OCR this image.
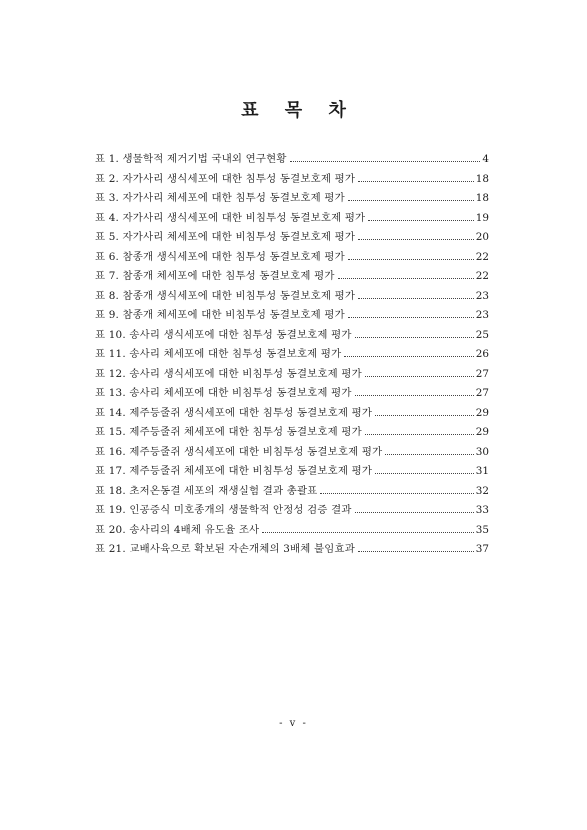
표 목 차
표 1. 생물학적 제거기법 국내외 연구현황	4
표 2. 자가사리 생식세포에 대한 침투성 동결보호제 평가	18
표 3. 자가사리 체세포에 대한 침투성 동결보호제 평가	18
표 4. 자가사리 생식세포에 대한 비침투성 동결보호제 평가	19
표 5. 자가사리 체세포에 대한 비침투성 동결보호제 평가	20
표 6. 참종개 생식세포에 대한 침투성 동결보호제 평가	22
표 7. 참종개 체세포에 대한 침투성 동결보호제 평가	22
표 8. 참종개 생식세포에 대한 비침투성 동결보호제 평가	23
표 9. 참종개 체세포에 대한 비침투성 동결보호제 평가	23
표 10. 송사리 생식세포에 대한 침투성 동결보호제 평가	25
표 11. 송사리 체세포에 대한 침투성 동결보호제 평가	26
표 12. 송사리 생식세포에 대한 비침투성 동결보호제 평가	27
표 13. 송사리 체세포에 대한 비침투성 동결보호제 평가	27
표 14. 제주등줄쥐 생식세포에 대한 침투성 동결보호제 평가	29
표 15. 제주등줄쥐 체세포에 대한 침투성 동결보호제 평가	29
표 16. 제주등줄쥐 생식세포에 대한 비침투성 동결보호제 평가	30
표 17. 제주등줄쥐 체세포에 대한 비침투성 동결보호제 평가	31
표 18. 초저온동결 세포의 재생실험 결과 총괄표	32
표 19. 인공증식 미호종개의 생물학적 안정성 검증 결과	33
표 20. 송사리의 4배체 유도율 조사	35
표 21. 교배사육으로 확보된 자손개체의 3배체 불임효과	37
- v -
